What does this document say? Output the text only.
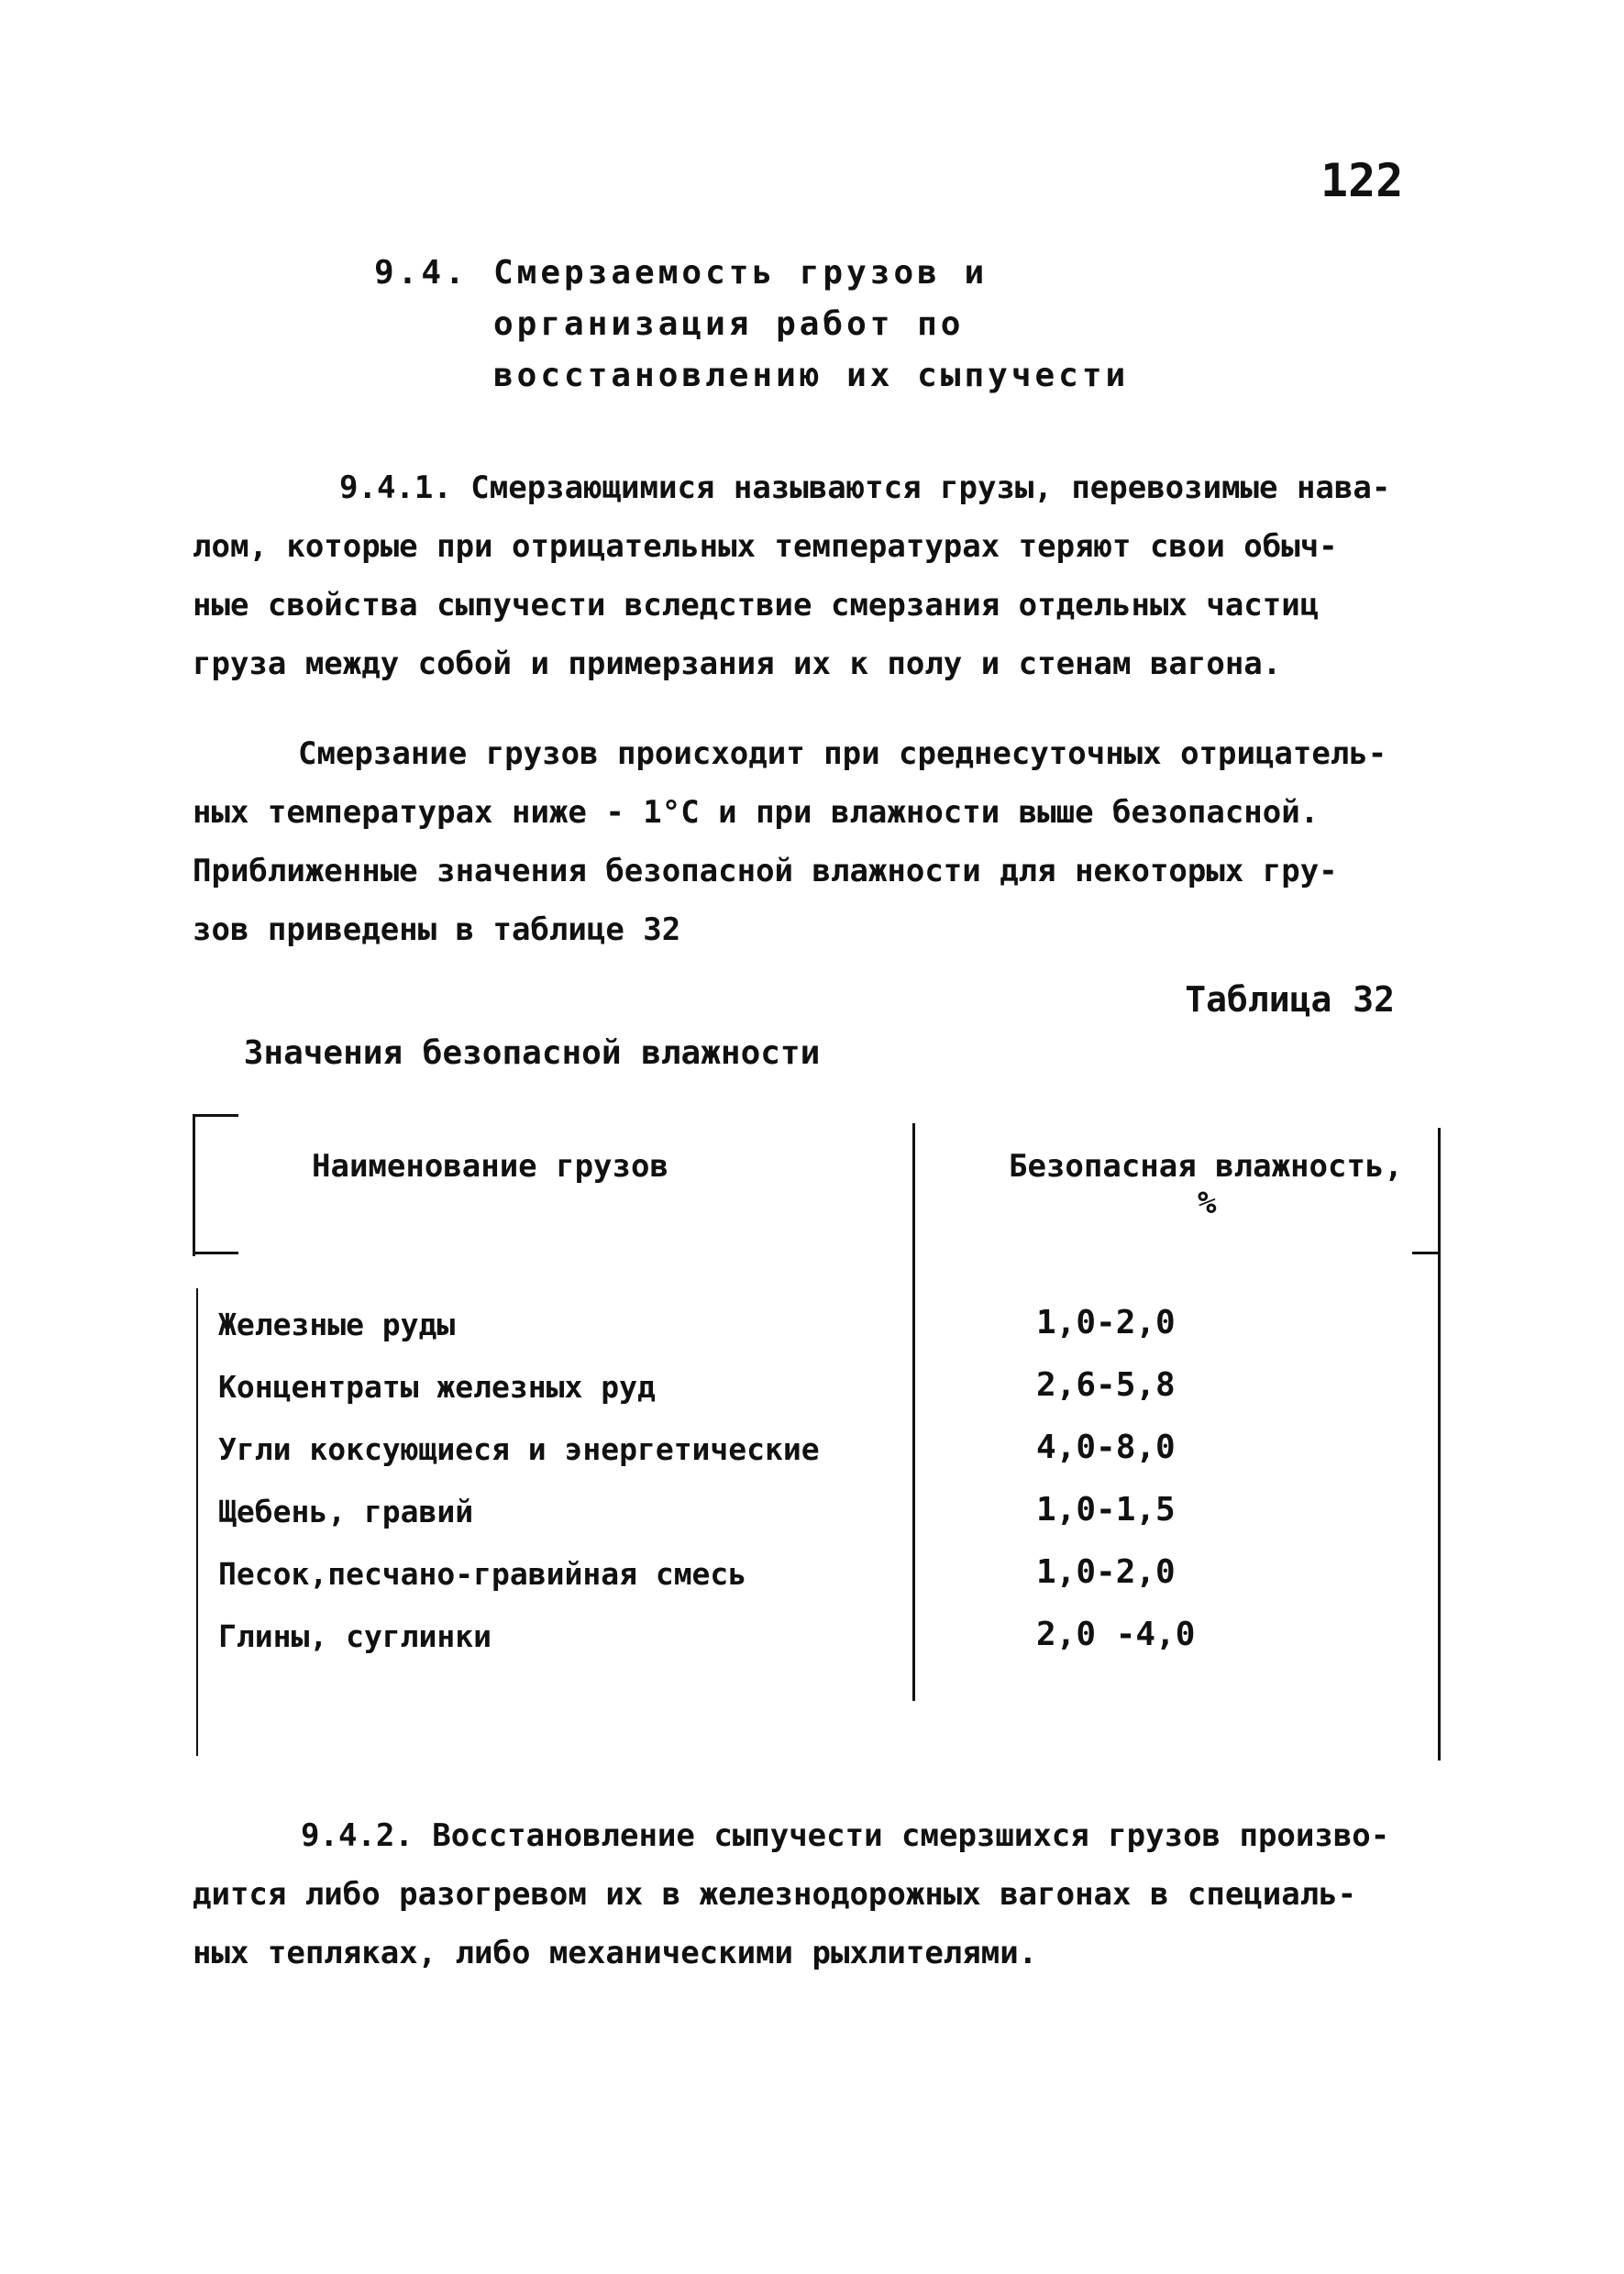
122
9.4. Смерзаемость грузов и
организация работ по
восстановлению их сыпучести
9.4.1. Смерзающимися называются грузы, перевозимые нава-
лом, которые при отрицательных температурах теряют свои обыч-
ные свойства сыпучести вследствие смерзания отдельных частиц
груза между собой и примерзания их к полу и стенам вагона.
Смерзание грузов происходит при среднесуточных отрицатель-
ных температурах ниже - 1°С и при влажности выше безопасной.
Приближенные значения безопасной влажности для некоторых гру-
зов приведены в таблице 32
Таблица 32
Значения безопасной влажности
Наименование грузов	Безопасная влажность,
%
Железные руды	1,0-2,0
Концентраты железных руд	2,6-5,8
Угли коксующиеся и энергетические	4,0-8,0
Щебень, гравий	1,0-1,5
Песок,песчано-гравийная смесь	1,0-2,0
Глины, суглинки	2,0 -4,0
9.4.2. Восстановление сыпучести смерзшихся грузов произво-
дится либо разогревом их в железнодорожных вагонах в специаль-
ных тепляках, либо механическими рыхлителями.
